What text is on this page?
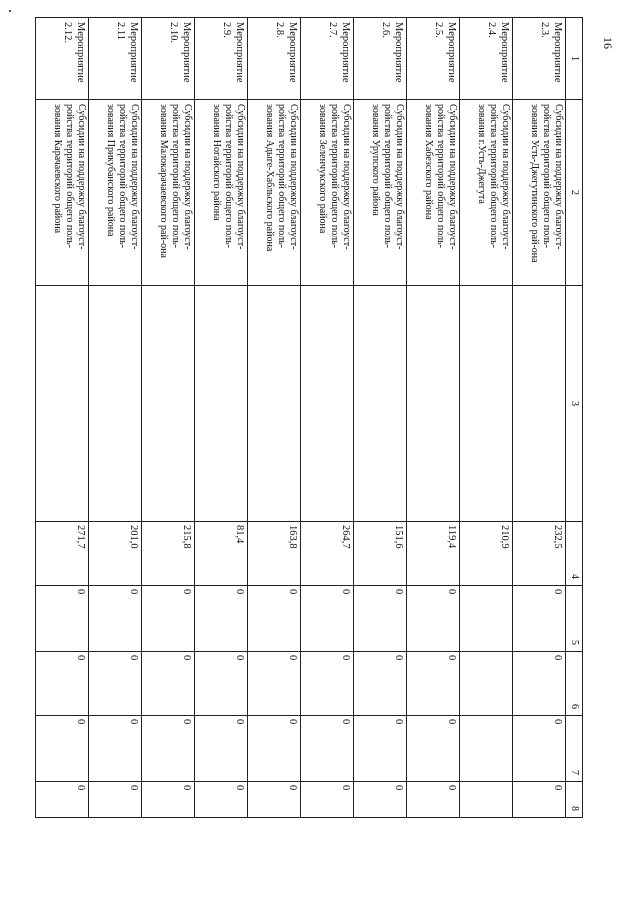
16
1	2	3	4	5	6	7	8
Мероприятие 2.3.	Субсидии на поддержку благоуст-ройства территорий общего поль-зования Усть-Джегутинского рай-она		232,5	0	0	0	0
Мероприятие 2.4.	Субсидии на поддержку благоуст-ройства территорий общего поль-зования г.Усть-Джегута		210,9				
Мероприятие 2.5.	Субсидии на поддержку благоуст-ройства территорий общего поль-зования Хабезского района		119,4	0	0	0	0
Мероприятие 2.6.	Субсидии на поддержку благоуст-ройства территорий общего поль-зования Урупского района		151,6	0	0	0	0
Мероприятие 2.7.	Субсидии на поддержку благоуст-ройства территорий общего поль-зования Зеленчукского района		264,7	0	0	0	0
Мероприятие 2.8.	Субсидии на поддержку благоуст-ройства территорий общего поль-зования Адыге-Хабльского района		163,8	0	0	0	0
Мероприятие 2.9.	Субсидии на поддержку благоуст-ройства территорий общего поль-зования Ногайского района		81,4	0	0	0	0
Мероприятие 2.10.	Субсидии на поддержку благоуст-ройства территорий общего поль-зования Малокарачаевского рай-она		215,8	0	0	0	0
Мероприятие 2.11	Субсидии на поддержку благоуст-ройства территорий общего поль-зования Прикубанского района		201,0	0	0	0	0
Мероприятие 2.12.	Субсидии на поддержку благоуст-ройства территорий общего поль-зования Карачаевского района		271,7	0	0	0	0
